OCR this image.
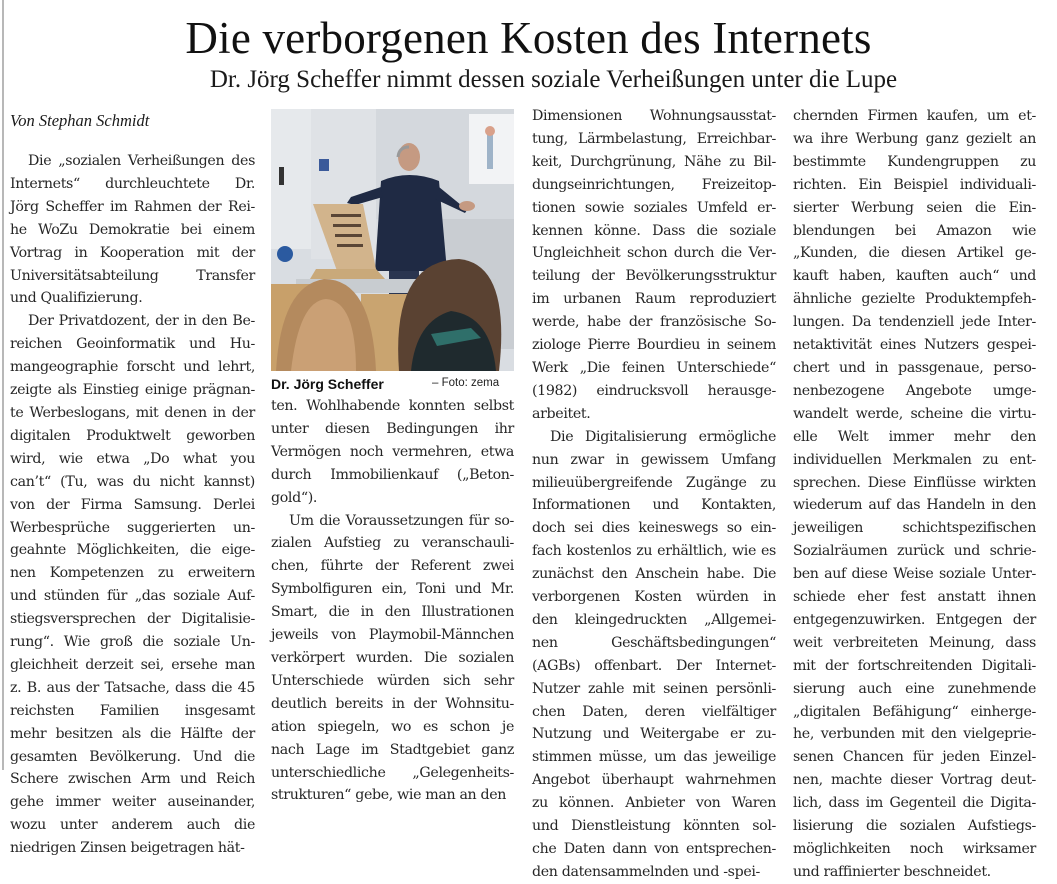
Die verborgenen Kosten des Internets
Dr. Jörg Scheffer nimmt dessen soziale Verheißungen unter die Lupe
Von Stephan Schmidt

Die „sozialen Verheißungen des
Internets“ durchleuchtete Dr.
Jörg Scheffer im Rahmen der Rei-
he WoZu Demokratie bei einem
Vortrag in Kooperation mit der
Universitätsabteilung Transfer
und Qualifizierung.

Der Privatdozent, der in den Be-
reichen Geoinformatik und Hu-
mangeographie forscht und lehrt,
zeigte als Einstieg einige prägnan-
te Werbeslogans, mit denen in der
digitalen Produktwelt geworben
wird, wie etwa „Do what you
can’t“ (Tu, was du nicht kannst)
von der Firma Samsung. Derlei
Werbesprüche suggerierten un-
geahnte Möglichkeiten, die eige-
nen Kompetenzen zu erweitern
und stünden für „das soziale Auf-
stiegsversprechen der Digitalisie-
rung“. Wie groß die soziale Un-
gleichheit derzeit sei, ersehe man
z. B. aus der Tatsache, dass die 45
reichsten Familien insgesamt
mehr besitzen als die Hälfte der
gesamten Bevölkerung. Und die
Schere zwischen Arm und Reich
gehe immer weiter auseinander,
wozu unter anderem auch die
niedrigen Zinsen beigetragen hät-

Dr. Jörg Scheffer	– Foto: zema

ten. Wohlhabende konnten selbst
unter diesen Bedingungen ihr
Vermögen noch vermehren, etwa
durch Immobilienkauf („Beton-
gold“).

Um die Voraussetzungen für so-
zialen Aufstieg zu veranschauli-
chen, führte der Referent zwei
Symbolfiguren ein, Toni und Mr.
Smart, die in den Illustrationen
jeweils von Playmobil-Männchen
verkörpert wurden. Die sozialen
Unterschiede würden sich sehr
deutlich bereits in der Wohnsitu-
ation spiegeln, wo es schon je
nach Lage im Stadtgebiet ganz
unterschiedliche „Gelegenheits-
strukturen“ gebe, wie man an den

Dimensionen Wohnungsausstat-
tung, Lärmbelastung, Erreichbar-
keit, Durchgrünung, Nähe zu Bil-
dungseinrichtungen, Freizeitop-
tionen sowie soziales Umfeld er-
kennen könne. Dass die soziale
Ungleichheit schon durch die Ver-
teilung der Bevölkerungsstruktur
im urbanen Raum reproduziert
werde, habe der französische So-
ziologe Pierre Bourdieu in seinem
Werk „Die feinen Unterschiede“
(1982) eindrucksvoll herausge-
arbeitet.

Die Digitalisierung ermögliche
nun zwar in gewissem Umfang
milieuübergreifende Zugänge zu
Informationen und Kontakten,
doch sei dies keineswegs so ein-
fach kostenlos zu erhältlich, wie es
zunächst den Anschein habe. Die
verborgenen Kosten würden in
den kleingedruckten „Allgemei-
nen Geschäftsbedingungen“
(AGBs) offenbart. Der Internet-
Nutzer zahle mit seinen persönli-
chen Daten, deren vielfältiger
Nutzung und Weitergabe er zu-
stimmen müsse, um das jeweilige
Angebot überhaupt wahrnehmen
zu können. Anbieter von Waren
und Dienstleistung könnten sol-
che Daten dann von entsprechen-
den datensammelnden und -spei-

chernden Firmen kaufen, um et-
wa ihre Werbung ganz gezielt an
bestimmte Kundengruppen zu
richten. Ein Beispiel individuali-
sierter Werbung seien die Ein-
blendungen bei Amazon wie
„Kunden, die diesen Artikel ge-
kauft haben, kauften auch“ und
ähnliche gezielte Produktempfeh-
lungen. Da tendenziell jede Inter-
netaktivität eines Nutzers gespei-
chert und in passgenaue, perso-
nenbezogene Angebote umge-
wandelt werde, scheine die virtu-
elle Welt immer mehr den
individuellen Merkmalen zu ent-
sprechen. Diese Einflüsse wirkten
wiederum auf das Handeln in den
jeweiligen schichtspezifischen
Sozialräumen zurück und schrie-
ben auf diese Weise soziale Unter-
schiede eher fest anstatt ihnen
entgegenzuwirken. Entgegen der
weit verbreiteten Meinung, dass
mit der fortschreitenden Digitali-
sierung auch eine zunehmende
„digitalen Befähigung“ einherge-
he, verbunden mit den vielgeprie-
senen Chancen für jeden Einzel-
nen, machte dieser Vortrag deut-
lich, dass im Gegenteil die Digita-
lisierung die sozialen Aufstiegs-
möglichkeiten noch wirksamer
und raffinierter beschneidet.
